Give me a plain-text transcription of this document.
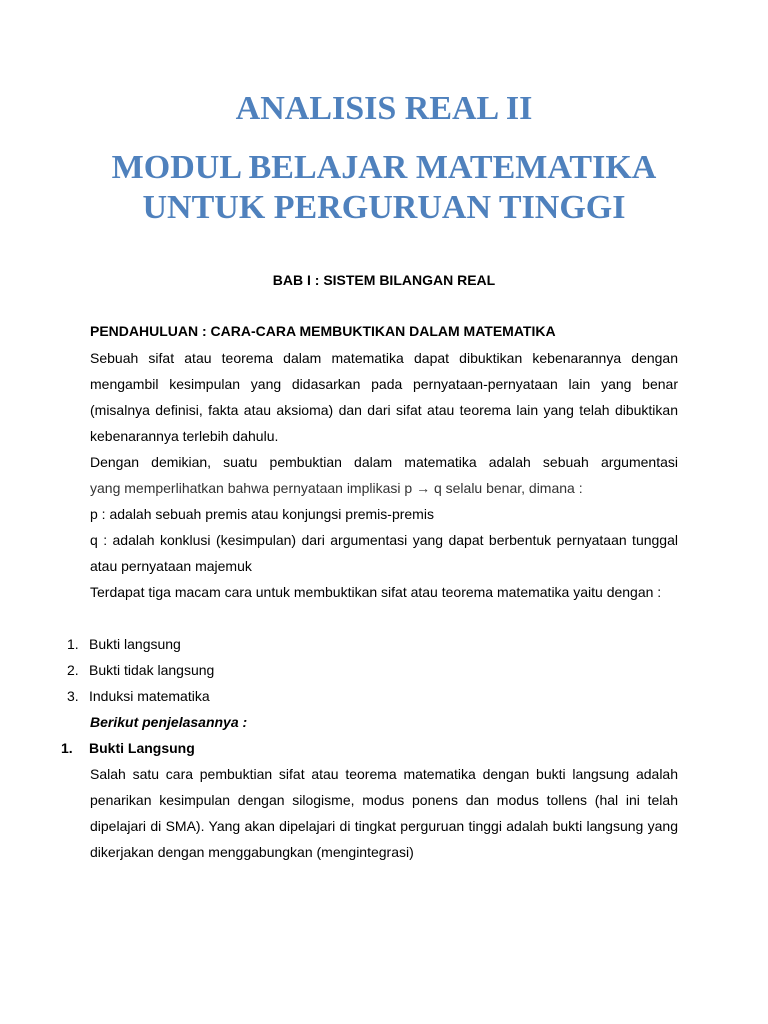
ANALISIS REAL II
MODUL BELAJAR MATEMATIKA
UNTUK PERGURUAN TINGGI
BAB I : SISTEM BILANGAN REAL
PENDAHULUAN : CARA-CARA MEMBUKTIKAN DALAM MATEMATIKA
Sebuah sifat atau teorema dalam matematika dapat dibuktikan kebenarannya dengan mengambil kesimpulan yang didasarkan pada pernyataan-pernyataan lain yang benar (misalnya definisi, fakta atau aksioma) dan dari sifat atau teorema lain yang telah dibuktikan kebenarannya terlebih dahulu.
Dengan demikian, suatu pembuktian dalam matematika adalah sebuah argumentasi
yang memperlihatkan bahwa pernyataan implikasi p → q selalu benar, dimana :
p : adalah sebuah premis atau konjungsi premis-premis
q : adalah konklusi (kesimpulan) dari argumentasi yang dapat berbentuk pernyataan tunggal atau pernyataan majemuk
Terdapat tiga macam cara untuk membuktikan sifat atau teorema matematika yaitu dengan :
1. Bukti langsung
2. Bukti tidak langsung
3. Induksi matematika
Berikut penjelasannya :
1. Bukti Langsung
Salah satu cara pembuktian sifat atau teorema matematika dengan bukti langsung adalah penarikan kesimpulan dengan silogisme, modus ponens dan modus tollens (hal ini telah dipelajari di SMA). Yang akan dipelajari di tingkat perguruan tinggi adalah bukti langsung yang dikerjakan dengan menggabungkan (mengintegrasi)
